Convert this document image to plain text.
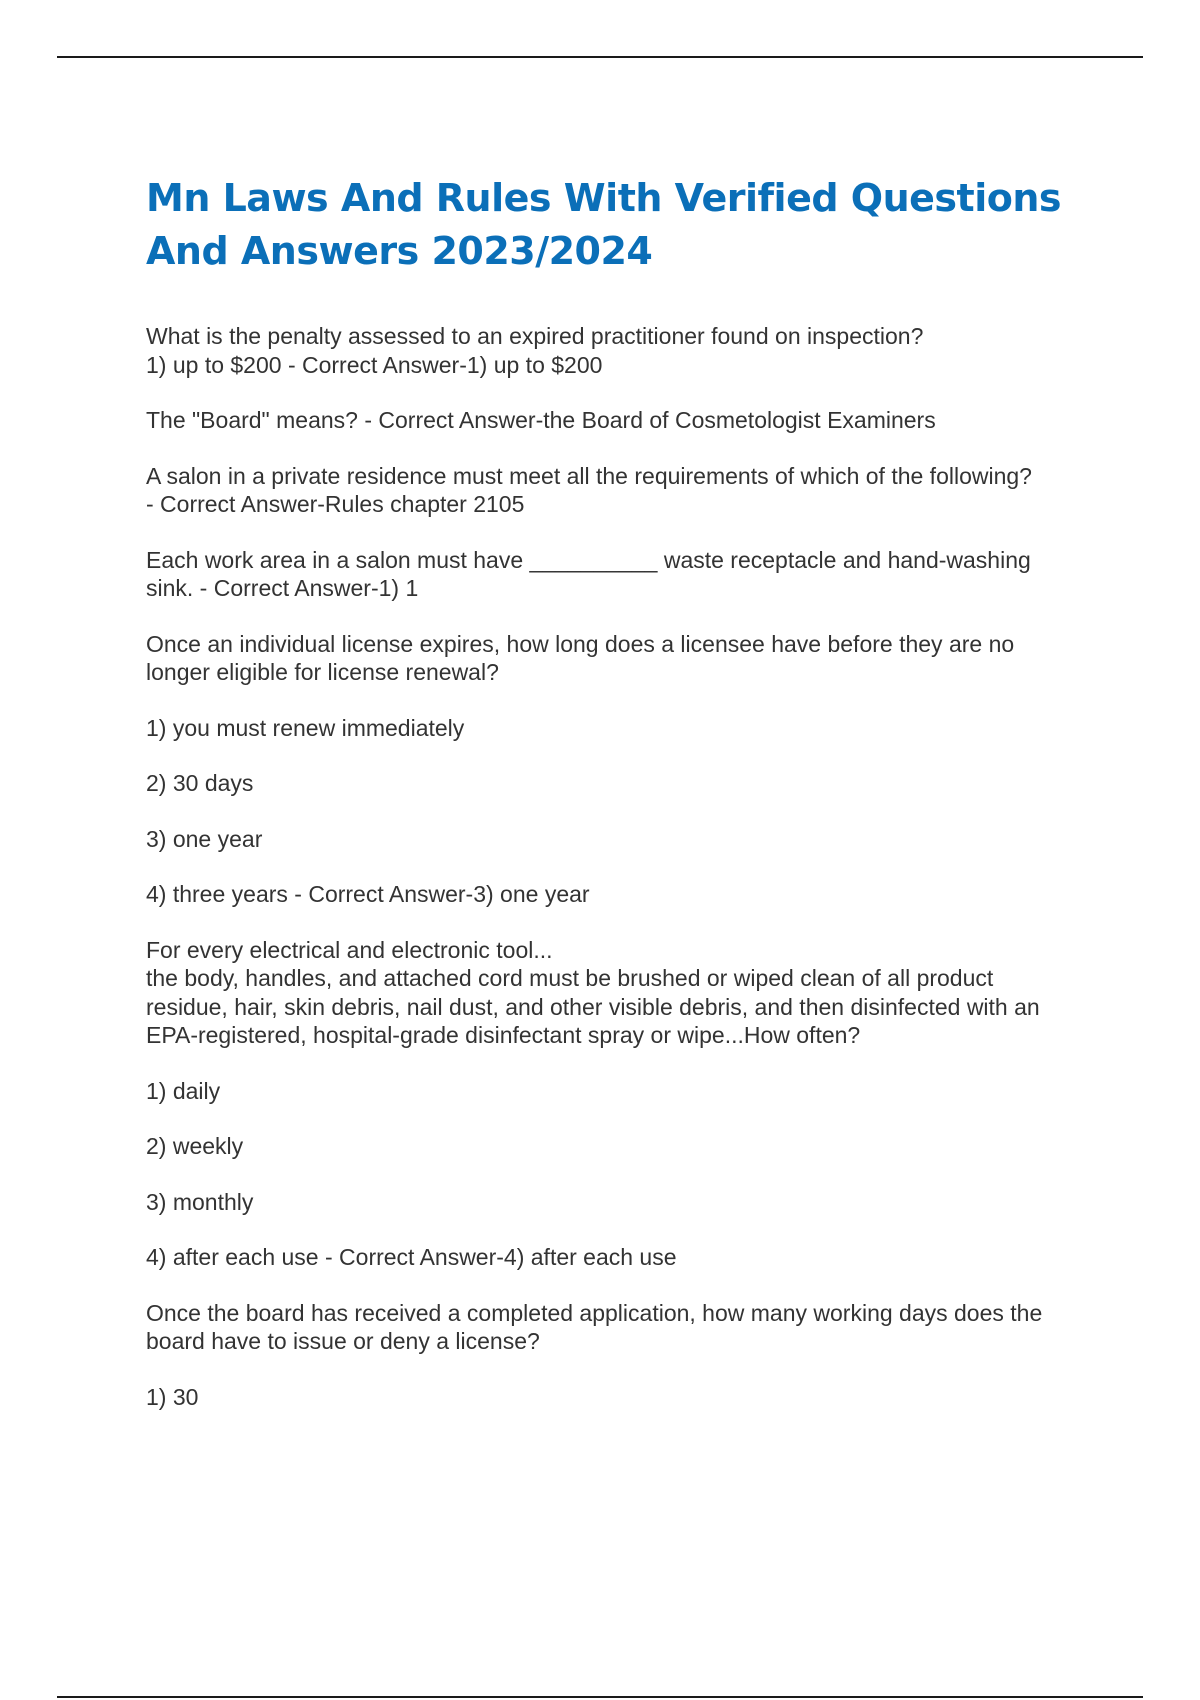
Mn Laws And Rules With Verified Questions
And Answers 2023/2024

What is the penalty assessed to an expired practitioner found on inspection?
1) up to $200 - Correct Answer-1) up to $200

The "Board" means? - Correct Answer-the Board of Cosmetologist Examiners

A salon in a private residence must meet all the requirements of which of the following?
- Correct Answer-Rules chapter 2105

Each work area in a salon must have __________ waste receptacle and hand-washing
sink. - Correct Answer-1) 1

Once an individual license expires, how long does a licensee have before they are no
longer eligible for license renewal?

1) you must renew immediately

2) 30 days

3) one year

4) three years - Correct Answer-3) one year

For every electrical and electronic tool...
the body, handles, and attached cord must be brushed or wiped clean of all product
residue, hair, skin debris, nail dust, and other visible debris, and then disinfected with an
EPA-registered, hospital-grade disinfectant spray or wipe...How often?

1) daily

2) weekly

3) monthly

4) after each use - Correct Answer-4) after each use

Once the board has received a completed application, how many working days does the
board have to issue or deny a license?

1) 30
